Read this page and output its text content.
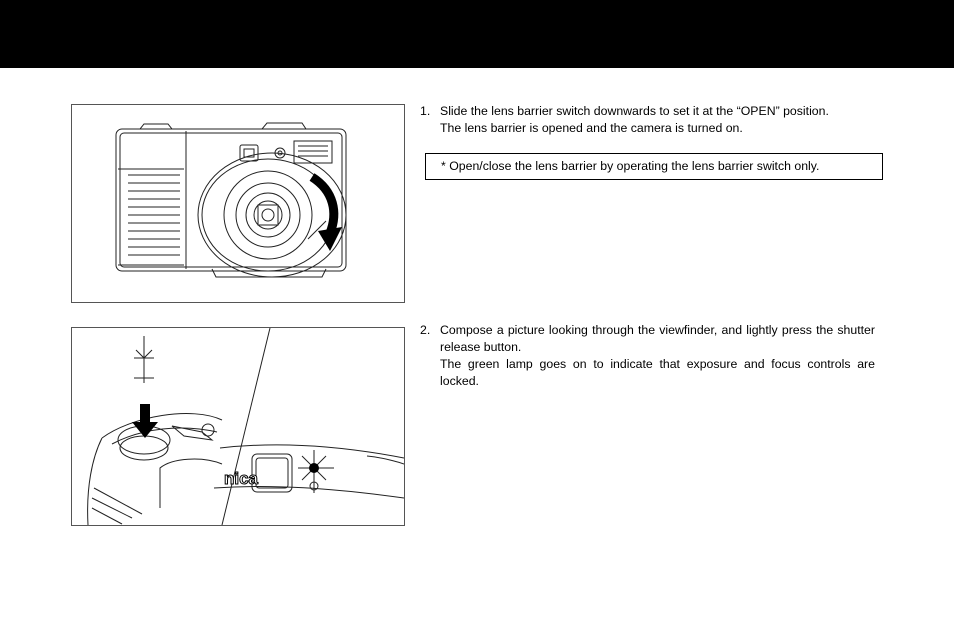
nica
1. Slide the lens barrier switch downwards to set it at the “OPEN” position.
The lens barrier is opened and the camera is turned on.
* Open/close the lens barrier by operating the lens barrier switch only.
2. Compose a picture looking through the viewfinder, and lightly press the shutter release button.
The green lamp goes on to indicate that exposure and focus controls are locked.
